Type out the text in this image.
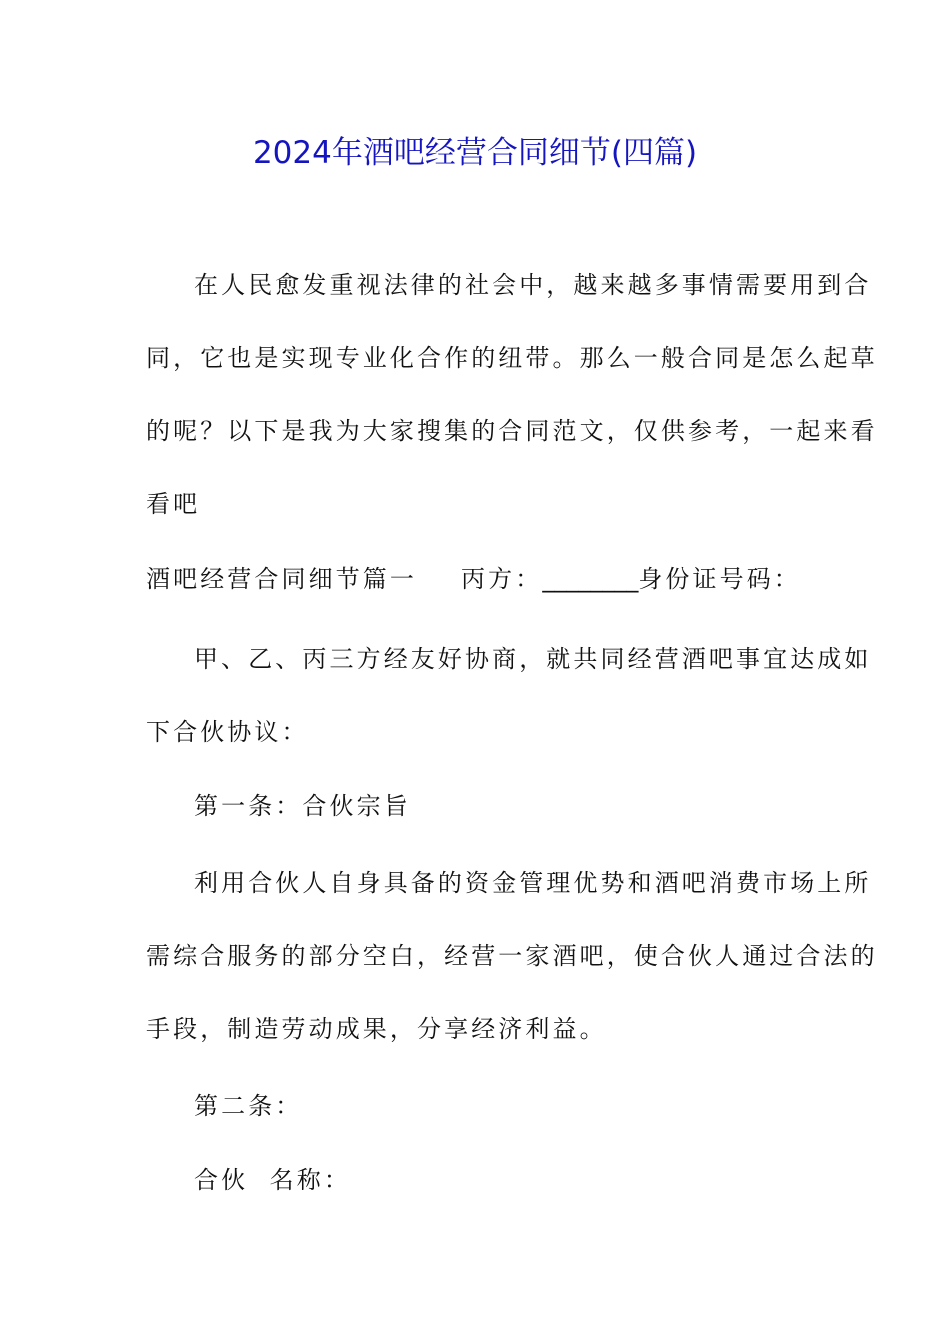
2024年酒吧经营合同细节(四篇)
在人民愈发重视法律的社会中，越来越多事情需要用到合
同，它也是实现专业化合作的纽带。那么一般合同是怎么起草
的呢？以下是我为大家搜集的合同范文，仅供参考，一起来看
看吧
酒吧经营合同细节篇一 丙方：________身份证号码：
甲、乙、丙三方经友好协商，就共同经营酒吧事宜达成如
下合伙协议：
第一条：合伙宗旨
利用合伙人自身具备的资金管理优势和酒吧消费市场上所
需综合服务的部分空白，经营一家酒吧，使合伙人通过合法的
手段，制造劳动成果，分享经济利益。
第二条：
合伙  名称：
